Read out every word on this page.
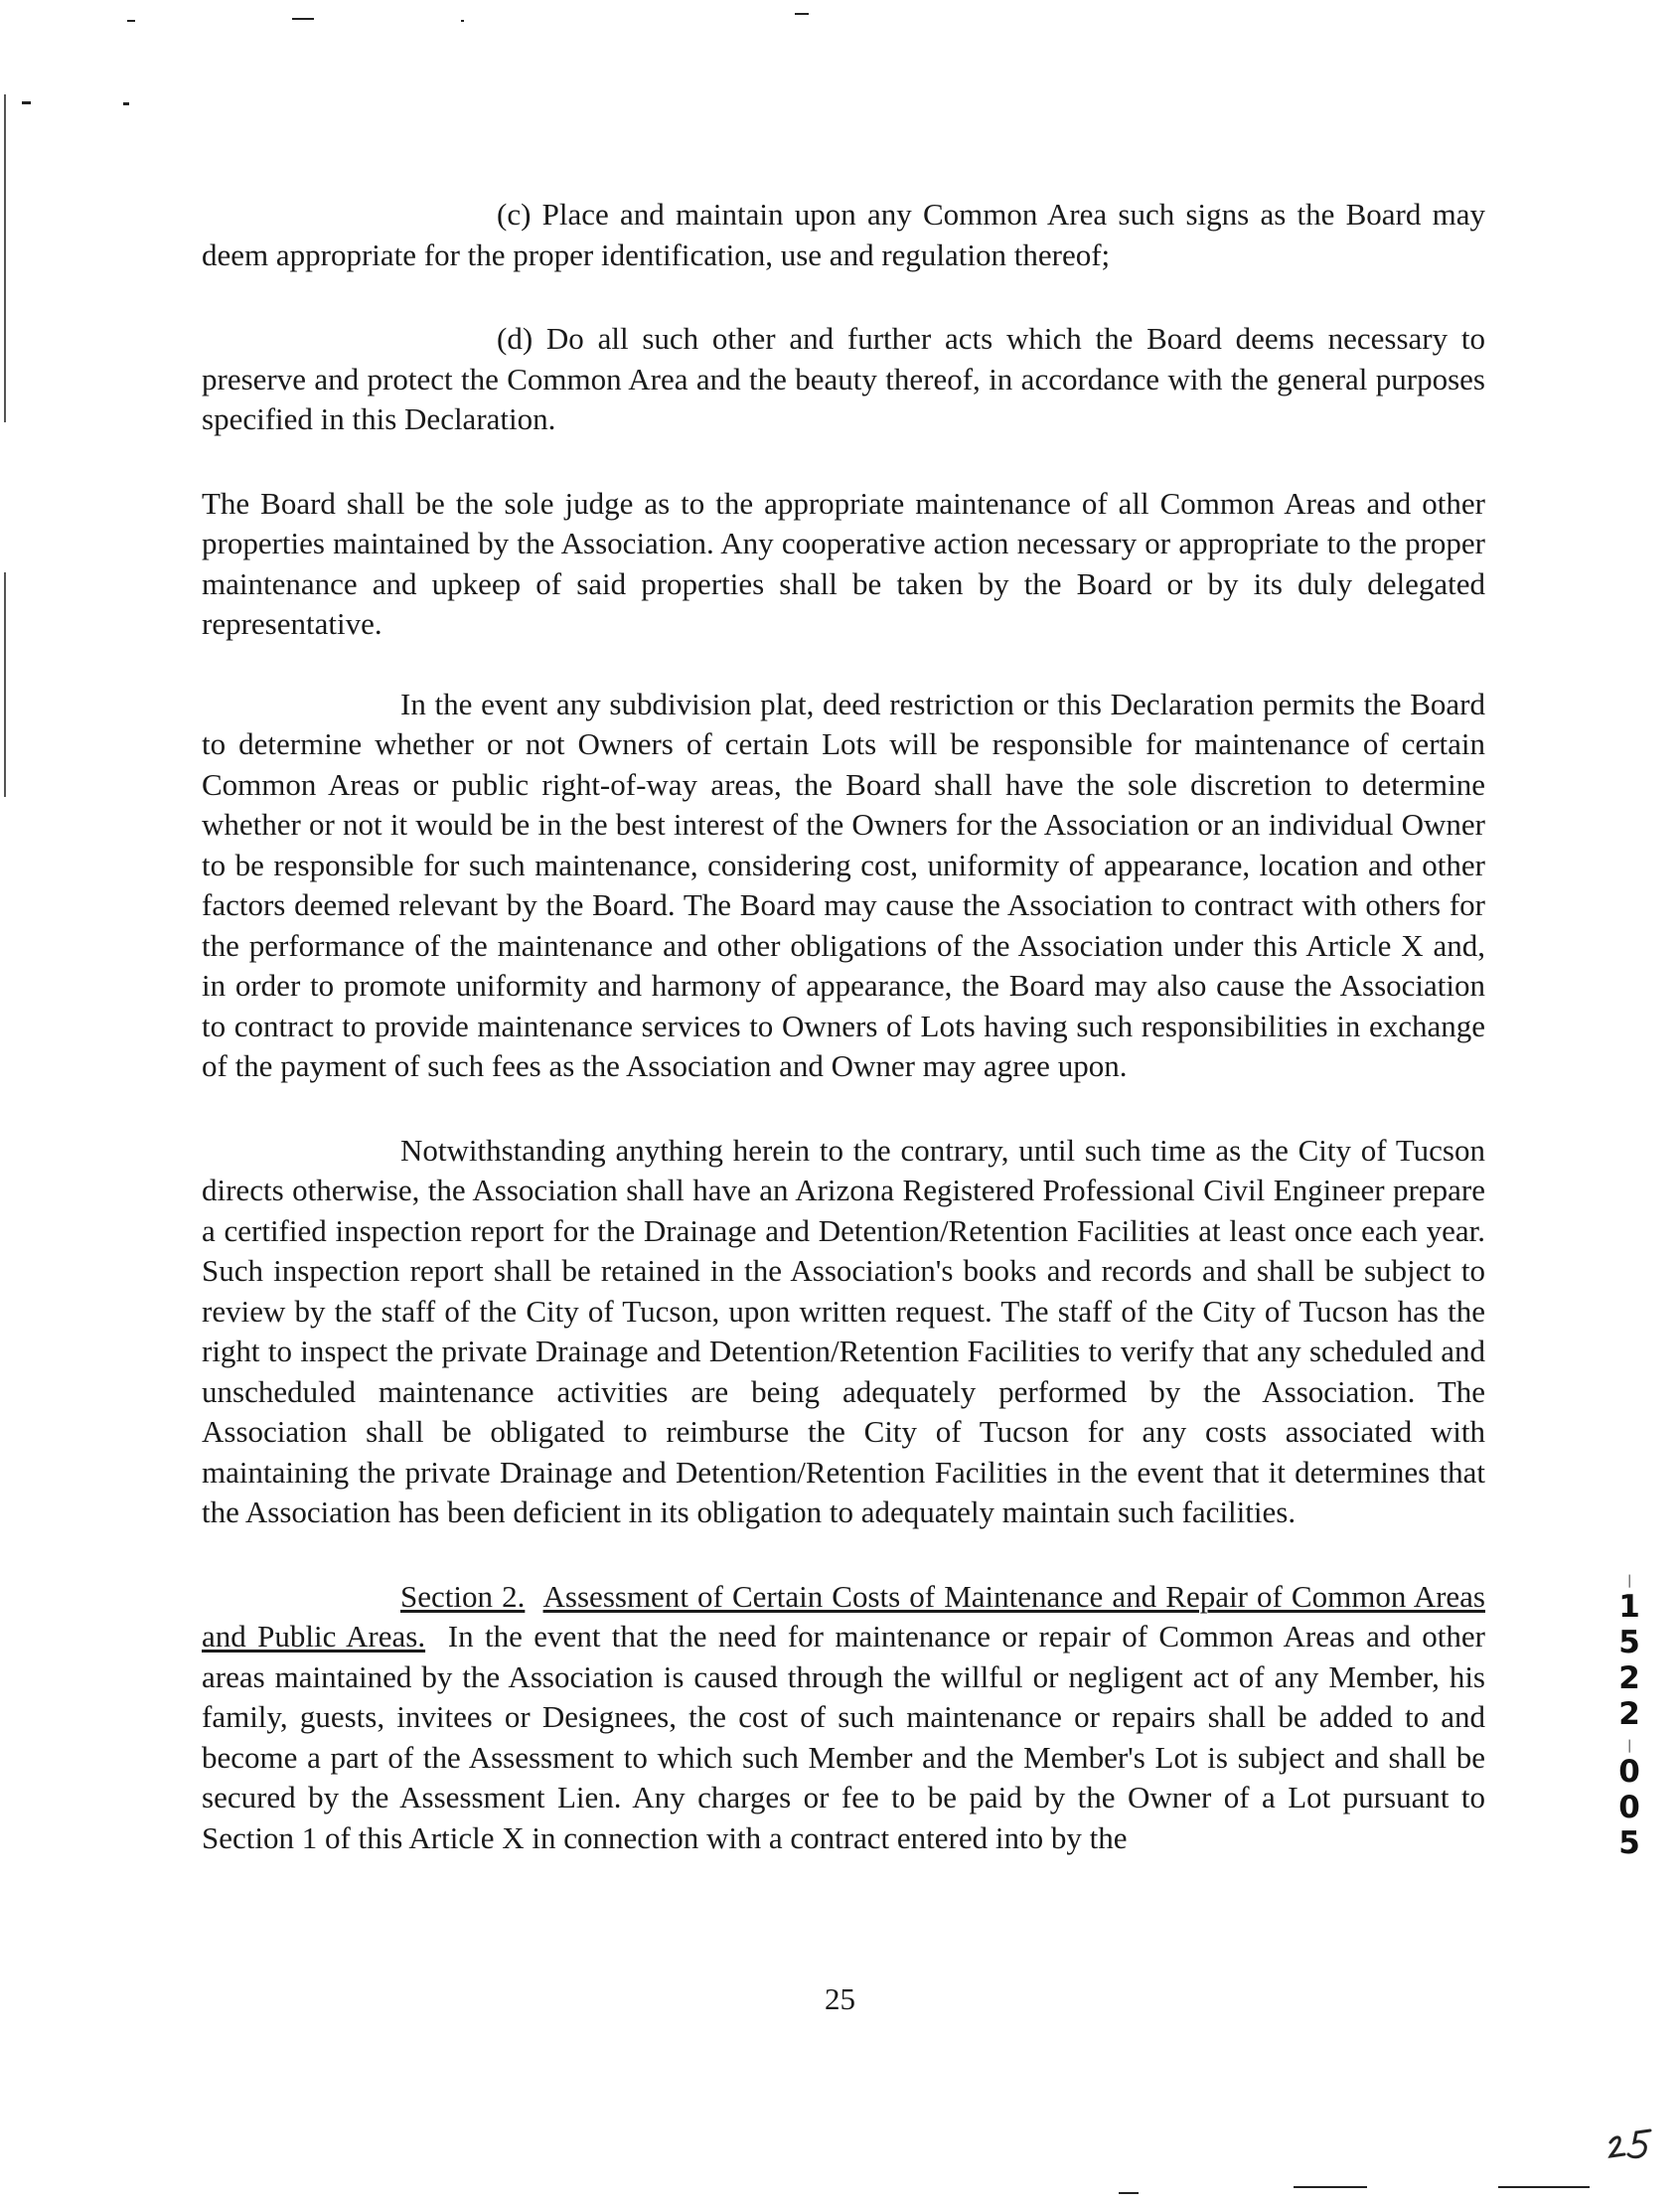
(c) Place and maintain upon any Common Area such signs as the Board may deem appropriate for the proper identification, use and regulation thereof;

(d) Do all such other and further acts which the Board deems necessary to preserve and protect the Common Area and the beauty thereof, in accordance with the general purposes specified in this Declaration.

The Board shall be the sole judge as to the appropriate maintenance of all Common Areas and other properties maintained by the Association. Any cooperative action necessary or appropriate to the proper maintenance and upkeep of said properties shall be taken by the Board or by its duly delegated representative.

In the event any subdivision plat, deed restriction or this Declaration permits the Board to determine whether or not Owners of certain Lots will be responsible for maintenance of certain Common Areas or public right-of-way areas, the Board shall have the sole discretion to determine whether or not it would be in the best interest of the Owners for the Association or an individual Owner to be responsible for such maintenance, considering cost, uniformity of appearance, location and other factors deemed relevant by the Board. The Board may cause the Association to contract with others for the performance of the maintenance and other obligations of the Association under this Article X and, in order to promote uniformity and harmony of appearance, the Board may also cause the Association to contract to provide maintenance services to Owners of Lots having such responsibilities in exchange of the payment of such fees as the Association and Owner may agree upon.

Notwithstanding anything herein to the contrary, until such time as the City of Tucson directs otherwise, the Association shall have an Arizona Registered Professional Civil Engineer prepare a certified inspection report for the Drainage and Detention/Retention Facilities at least once each year. Such inspection report shall be retained in the Association's books and records and shall be subject to review by the staff of the City of Tucson, upon written request. The staff of the City of Tucson has the right to inspect the private Drainage and Detention/Retention Facilities to verify that any scheduled and unscheduled maintenance activities are being adequately performed by the Association. The Association shall be obligated to reimburse the City of Tucson for any costs associated with maintaining the private Drainage and Detention/Retention Facilities in the event that it determines that the Association has been deficient in its obligation to adequately maintain such facilities.

Section 2. Assessment of Certain Costs of Maintenance and Repair of Common Areas and Public Areas. In the event that the need for maintenance or repair of Common Areas and other areas maintained by the Association is caused through the willful or negligent act of any Member, his family, guests, invitees or Designees, the cost of such maintenance or repairs shall be added to and become a part of the Assessment to which such Member and the Member's Lot is subject and shall be secured by the Assessment Lien. Any charges or fee to be paid by the Owner of a Lot pursuant to Section 1 of this Article X in connection with a contract entered into by the

25
│
1
5
2
2
│
0
0
5
